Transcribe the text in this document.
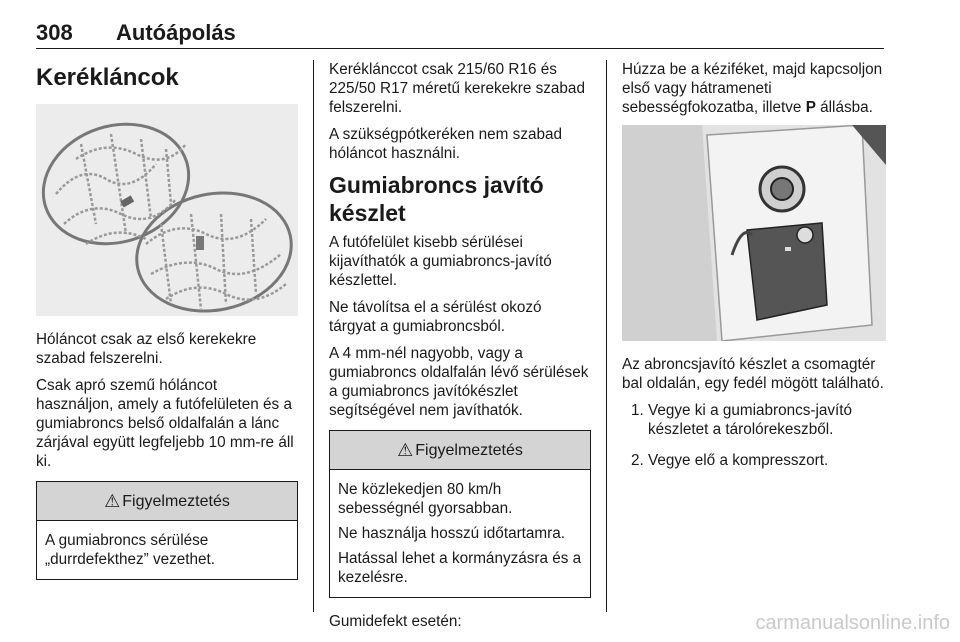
308 Autóápolás
Kerékláncok

Hóláncot csak az első kerekekre szabad felszerelni.

Csak apró szemű hóláncot használjon, amely a futófelületen és a gumiabroncs belső oldalfalán a lánc zárjával együtt legfeljebb 10 mm-re áll ki.

⚠ Figyelmeztetés

A gumiabroncs sérülése „durrdefekthez” vezethet.

Keréklánccot csak 215/60 R16 és 225/50 R17 méretű kerekekre szabad felszerelni.

A szükségpótkeréken nem szabad hóláncot használni.

Gumiabroncs javító készlet

A futófelület kisebb sérülései kijavíthatók a gumiabroncs-javító készlettel.

Ne távolítsa el a sérülést okozó tárgyat a gumiabroncsból.

A 4 mm-nél nagyobb, vagy a gumiabroncs oldalfalán lévő sérülések a gumiabroncs javítókészlet segítségével nem javíthatók.

⚠ Figyelmeztetés

Ne közlekedjen 80 km/h sebességnél gyorsabban.

Ne használja hosszú időtartamra.

Hatással lehet a kormányzásra és a kezelésre.

Gumidefekt esetén:

Húzza be a kéziféket, majd kapcsoljon első vagy hátrameneti sebességfokozatba, illetve P állásba.

Az abroncsjavító készlet a csomagtér bal oldalán, egy fedél mögött található.

1. Vegye ki a gumiabroncs-javító készletet a tárolórekeszből.
2. Vegye elő a kompresszort.
carmanualsonline.info
